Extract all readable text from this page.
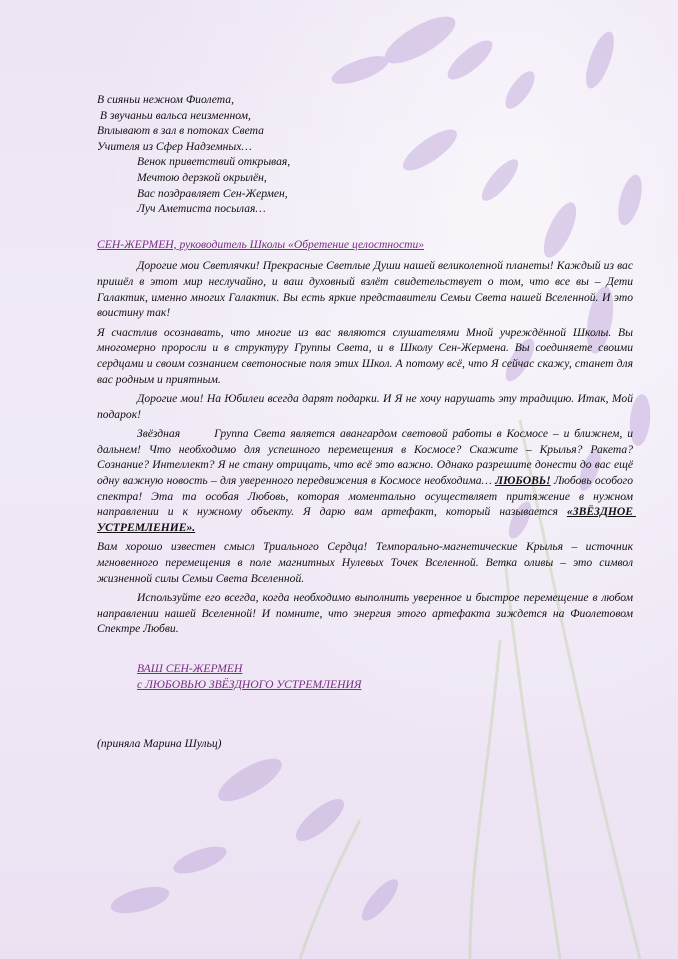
В сияньи нежном Фиолета,

В звучаньи вальса неизменном,

Вплывают в зал в потоках Света

Учителя из Сфер Надземных…

Венок приветствий открывая,

Мечтою дерзкой окрылён,

Вас поздравляет Сен-Жермен,

Луч Аметиста посылая…

СЕН-ЖЕРМЕН, руководитель Школы «Обретение целостности»

Дорогие мои Светлячки! Прекрасные Светлые Души нашей великолепной планеты! Каждый из вас пришёл в этот мир неслучайно, и ваш духовный взлёт свидетельствует о том, что все вы – Дети Галактик, именно многих Галактик. Вы есть яркие представители Семьи Света нашей Вселенной. И это воистину так!

Я счастлив осознавать, что многие из вас являются слушателями Мной учреждённой Школы. Вы многомерно проросли и в структуру Группы Света, и в Школу Сен-Жермена. Вы соединяете своими сердцами и своим сознанием светоносные поля этих Школ. А потому всё, что Я сейчас скажу, станет для вас родным и приятным.

Дорогие мои! На Юбилеи всегда дарят подарки. И Я не хочу нарушать эту традицию. Итак, Мой подарок!

Звёздная       Группа Света является авангардом световой работы в Космосе – и ближнем, и дальнем! Что необходимо для успешного перемещения в Космосе? Скажите – Крылья? Ракета? Сознание? Интеллект? Я не стану отрицать, что всё это важно. Однако разрешите донести до вас ещё одну важную новость – для уверенного передвижения в Космосе необходима… ЛЮБОВЬ! Любовь особого спектра! Эта та особая Любовь, которая моментально осуществляет притяжение в нужном направлении и к нужному объекту. Я дарю вам артефакт, который называется «ЗВЁЗДНОЕ УСТРЕМЛЕНИЕ».

Вам хорошо известен смысл Триального Сердца! Темпорально-магнетические Крылья – источник мгновенного перемещения в поле магнитных Нулевых Точек Вселенной. Ветка оливы – это символ жизненной силы Семьи Света Вселенной.

Используйте его всегда, когда необходимо выполнить уверенное и быстрое перемещение в любом направлении нашей Вселенной! И помните, что энергия этого артефакта зиждется на Фиолетовом Спектре Любви.

ВАШ СЕН-ЖЕРМЕН

с ЛЮБОВЬЮ ЗВЁЗДНОГО УСТРЕМЛЕНИЯ

(приняла Марина Шульц)
